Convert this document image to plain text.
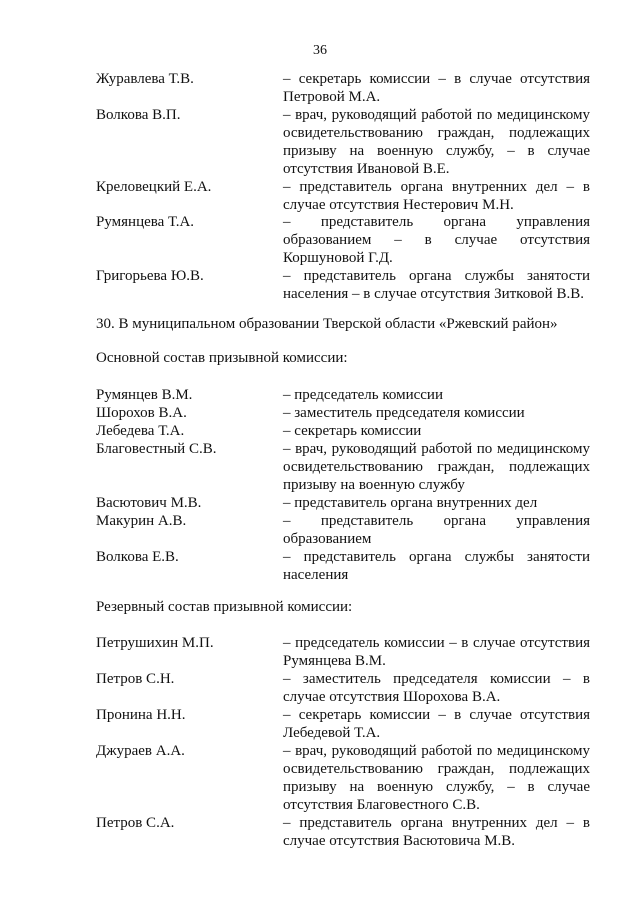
36
Журавлева Т.В.	– секретарь комиссии – в случае отсутствия Петровой М.А.
Волкова В.П.	– врач, руководящий работой по медицинскому освидетельствованию граждан, подлежащих призыву на военную службу, – в случае отсутствия Ивановой В.Е.
Креловецкий Е.А.	– представитель органа внутренних дел – в случае отсутствия Нестерович М.Н.
Румянцева Т.А.	– представитель органа управления образованием – в случае отсутствия Коршуновой Г.Д.
Григорьева Ю.В.	– представитель органа службы занятости населения – в случае отсутствия Зитковой В.В.
30. В муниципальном образовании Тверской области «Ржевский район»
Основной состав призывной комиссии:
Румянцев В.М.	– председатель комиссии
Шорохов В.А.	– заместитель председателя комиссии
Лебедева Т.А.	– секретарь комиссии
Благовестный С.В.	– врач, руководящий работой по медицинскому освидетельствованию граждан, подлежащих призыву на военную службу
Васютович М.В.	– представитель органа внутренних дел
Макурин А.В.	– представитель органа управления образованием
Волкова Е.В.	– представитель органа службы занятости населения
Резервный состав призывной комиссии:
Петрушихин М.П.	– председатель комиссии – в случае отсутствия Румянцева В.М.
Петров С.Н.	– заместитель председателя комиссии – в случае отсутствия Шорохова В.А.
Пронина Н.Н.	– секретарь комиссии – в случае отсутствия Лебедевой Т.А.
Джураев А.А.	– врач, руководящий работой по медицинскому освидетельствованию граждан, подлежащих призыву на военную службу, – в случае отсутствия Благовестного С.В.
Петров С.А.	– представитель органа внутренних дел – в случае отсутствия Васютовича М.В.
